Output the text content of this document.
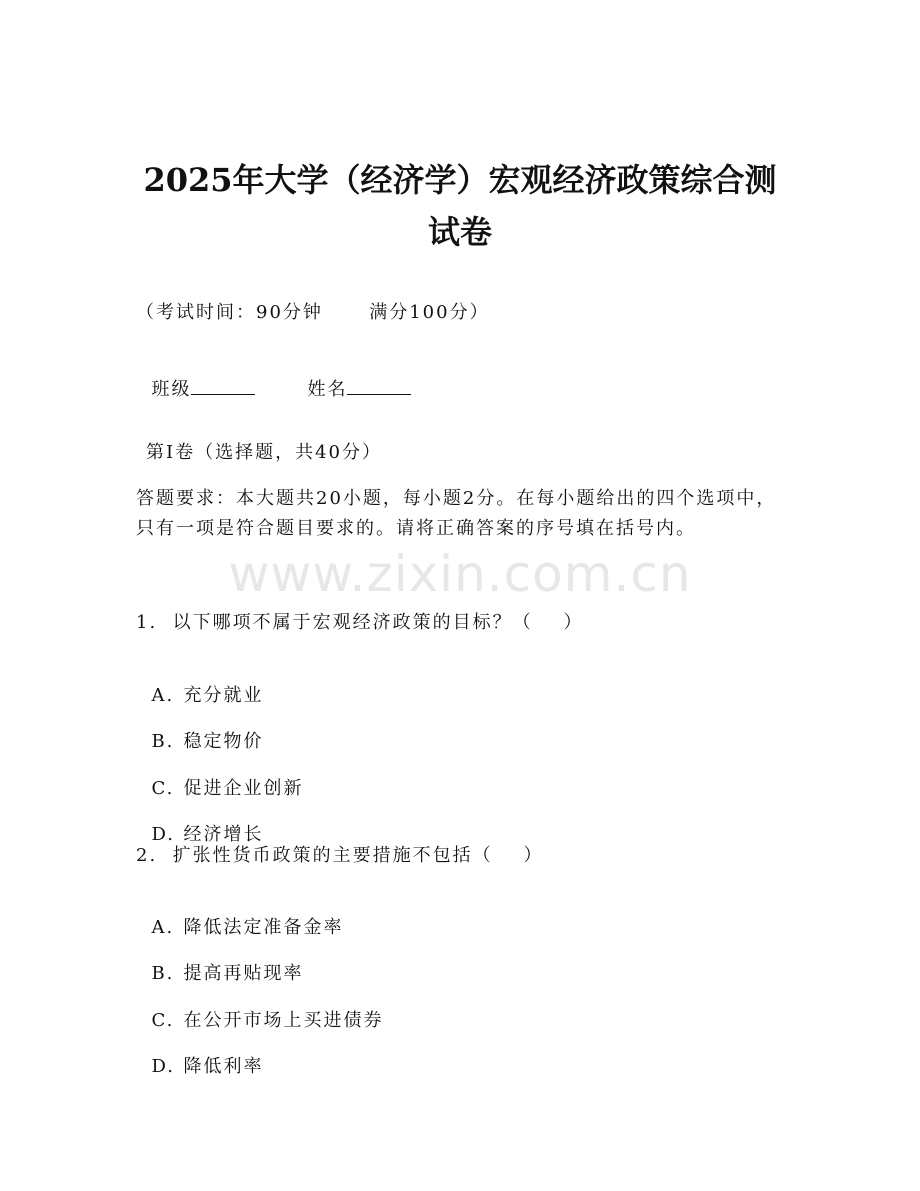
2025年大学（经济学）宏观经济政策综合测
试卷
（考试时间：90分钟      满分100分）

班级	姓名

第I卷（选择题，共40分）
答题要求：本大题共20小题，每小题2分。在每小题给出的四个选项中，只有一项是符合题目要求的。请将正确答案的序号填在括号内。
www.zixin.com.cn
1.  以下哪项不属于宏观经济政策的目标？（    ）

A. 充分就业

B. 稳定物价

C. 促进企业创新

D. 经济增长

2.  扩张性货币政策的主要措施不包括（    ）

A. 降低法定准备金率

B. 提高再贴现率

C. 在公开市场上买进债券

D. 降低利率
